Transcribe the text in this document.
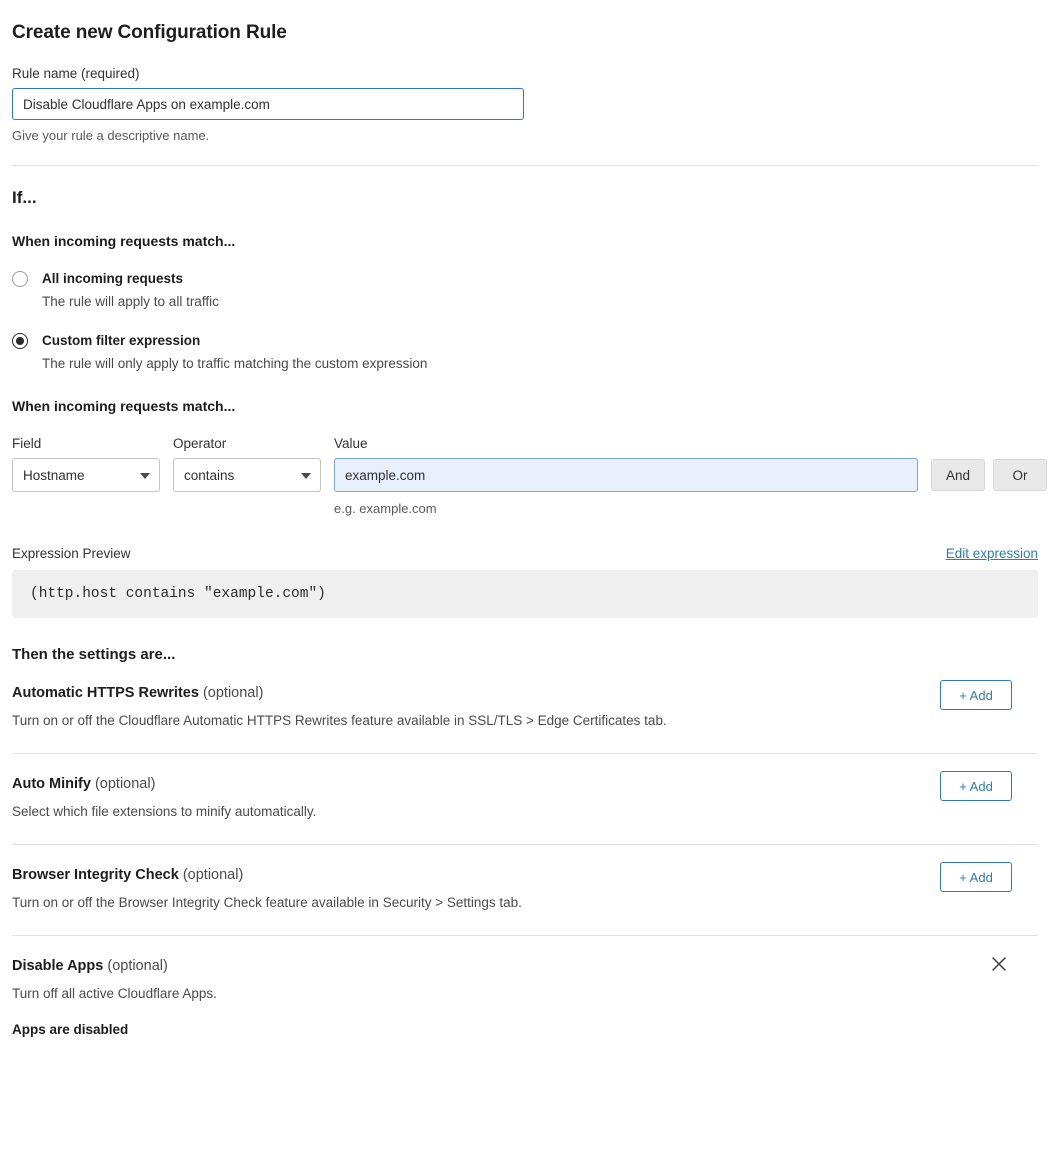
Create new Configuration Rule
Rule name (required)
Disable Cloudflare Apps on example.com
Give your rule a descriptive name.
If...
When incoming requests match...
All incoming requests
The rule will apply to all traffic
Custom filter expression
The rule will only apply to traffic matching the custom expression
When incoming requests match...
Field
Hostname
Operator
contains
Value
example.com
e.g. example.com
And	Or
Expression Preview	Edit expression
(http.host contains "example.com")
Then the settings are...
Automatic HTTPS Rewrites (optional)
Turn on or off the Cloudflare Automatic HTTPS Rewrites feature available in SSL/TLS > Edge Certificates tab.
+ Add
Auto Minify (optional)
Select which file extensions to minify automatically.
+ Add
Browser Integrity Check (optional)
Turn on or off the Browser Integrity Check feature available in Security > Settings tab.
+ Add
Disable Apps (optional)
Turn off all active Cloudflare Apps.
Apps are disabled
